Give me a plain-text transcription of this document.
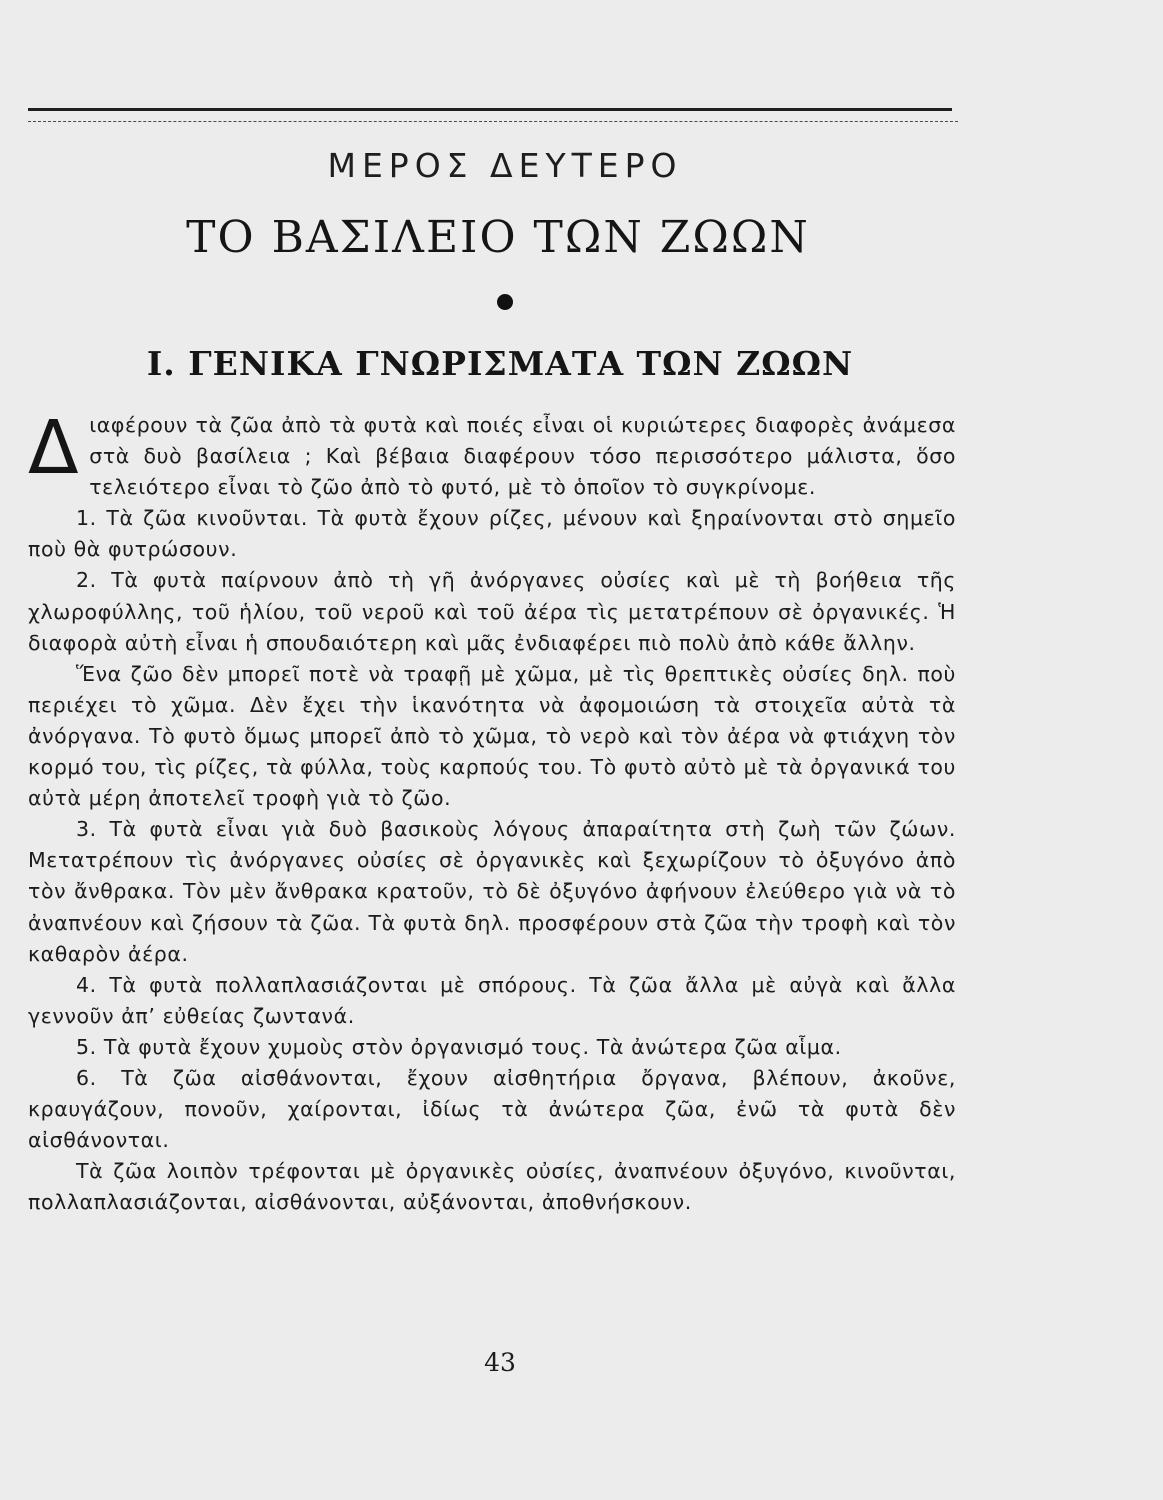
ΜΕΡΟΣ ΔΕΥΤΕΡΟ
ΤΟ ΒΑΣΙΛΕΙΟ ΤΩΝ ΖΩΩΝ
Ι. ΓΕΝΙΚΑ ΓΝΩΡΙΣΜΑΤΑ ΤΩΝ ΖΩΩΝ

Διαφέρουν τὰ ζῶα ἀπὸ τὰ φυτὰ καὶ ποιές εἶναι οἱ κυριώτερες διαφορὲς ἀνάμεσα στὰ δυὸ βασίλεια ; Καὶ βέβαια διαφέρουν τόσο περισσότερο μάλιστα, ὅσο τελειότερο εἶναι τὸ ζῶο ἀπὸ τὸ φυτό, μὲ τὸ ὁποῖον τὸ συγκρίνομε.

1. Τὰ ζῶα κινοῦνται. Τὰ φυτὰ ἔχουν ρίζες, μένουν καὶ ξηραίνονται στὸ σημεῖο ποὺ θὰ φυτρώσουν.

2. Τὰ φυτὰ παίρνουν ἀπὸ τὴ γῆ ἀνόργανες οὐσίες καὶ μὲ τὴ βοήθεια τῆς χλωροφύλλης, τοῦ ἡλίου, τοῦ νεροῦ καὶ τοῦ ἀέρα τὶς μετατρέπουν σὲ ὀργανικές. Ἡ διαφορὰ αὐτὴ εἶναι ἡ σπουδαιότερη καὶ μᾶς ἐνδιαφέρει πιὸ πολὺ ἀπὸ κάθε ἄλλην.

Ἕνα ζῶο δὲν μπορεῖ ποτὲ νὰ τραφῇ μὲ χῶμα, μὲ τὶς θρεπτικὲς οὐσίες δηλ. ποὺ περιέχει τὸ χῶμα. Δὲν ἔχει τὴν ἱκανότητα νὰ ἀφομοιώση τὰ στοιχεῖα αὐτὰ τὰ ἀνόργανα. Τὸ φυτὸ ὅμως μπορεῖ ἀπὸ τὸ χῶμα, τὸ νερὸ καὶ τὸν ἀέρα νὰ φτιάχνη τὸν κορμό του, τὶς ρίζες, τὰ φύλλα, τοὺς καρπούς του. Τὸ φυτὸ αὐτὸ μὲ τὰ ὀργανικά του αὐτὰ μέρη ἀποτελεῖ τροφὴ γιὰ τὸ ζῶο.

3. Τὰ φυτὰ εἶναι γιὰ δυὸ βασικοὺς λόγους ἀπαραίτητα στὴ ζωὴ τῶν ζώων. Μετατρέπουν τὶς ἀνόργανες οὐσίες σὲ ὀργανικὲς καὶ ξεχωρίζουν τὸ ὀξυγόνο ἀπὸ τὸν ἄνθρακα. Τὸν μὲν ἄνθρακα κρατοῦν, τὸ δὲ ὀξυγόνο ἀφήνουν ἐλεύθερο γιὰ νὰ τὸ ἀναπνέουν καὶ ζήσουν τὰ ζῶα. Τὰ φυτὰ δηλ. προσφέρουν στὰ ζῶα τὴν τροφὴ καὶ τὸν καθαρὸν ἀέρα.

4. Τὰ φυτὰ πολλαπλασιάζονται μὲ σπόρους. Τὰ ζῶα ἄλλα μὲ αὐγὰ καὶ ἄλλα γεννοῦν ἀπ’ εὐθείας ζωντανά.

5. Τὰ φυτὰ ἔχουν χυμοὺς στὸν ὀργανισμό τους. Τὰ ἀνώτερα ζῶα αἷμα.

6. Τὰ ζῶα αἰσθάνονται, ἔχουν αἰσθητήρια ὄργανα, βλέπουν, ἀκοῦνε, κραυγάζουν, πονοῦν, χαίρονται, ἰδίως τὰ ἀνώτερα ζῶα, ἐνῶ τὰ φυτὰ δὲν αἰσθάνονται.

Τὰ ζῶα λοιπὸν τρέφονται μὲ ὀργανικὲς οὐσίες, ἀναπνέουν ὀξυγόνο, κινοῦνται, πολλαπλασιάζονται, αἰσθάνονται, αὐξάνονται, ἀποθνήσκουν.

43
